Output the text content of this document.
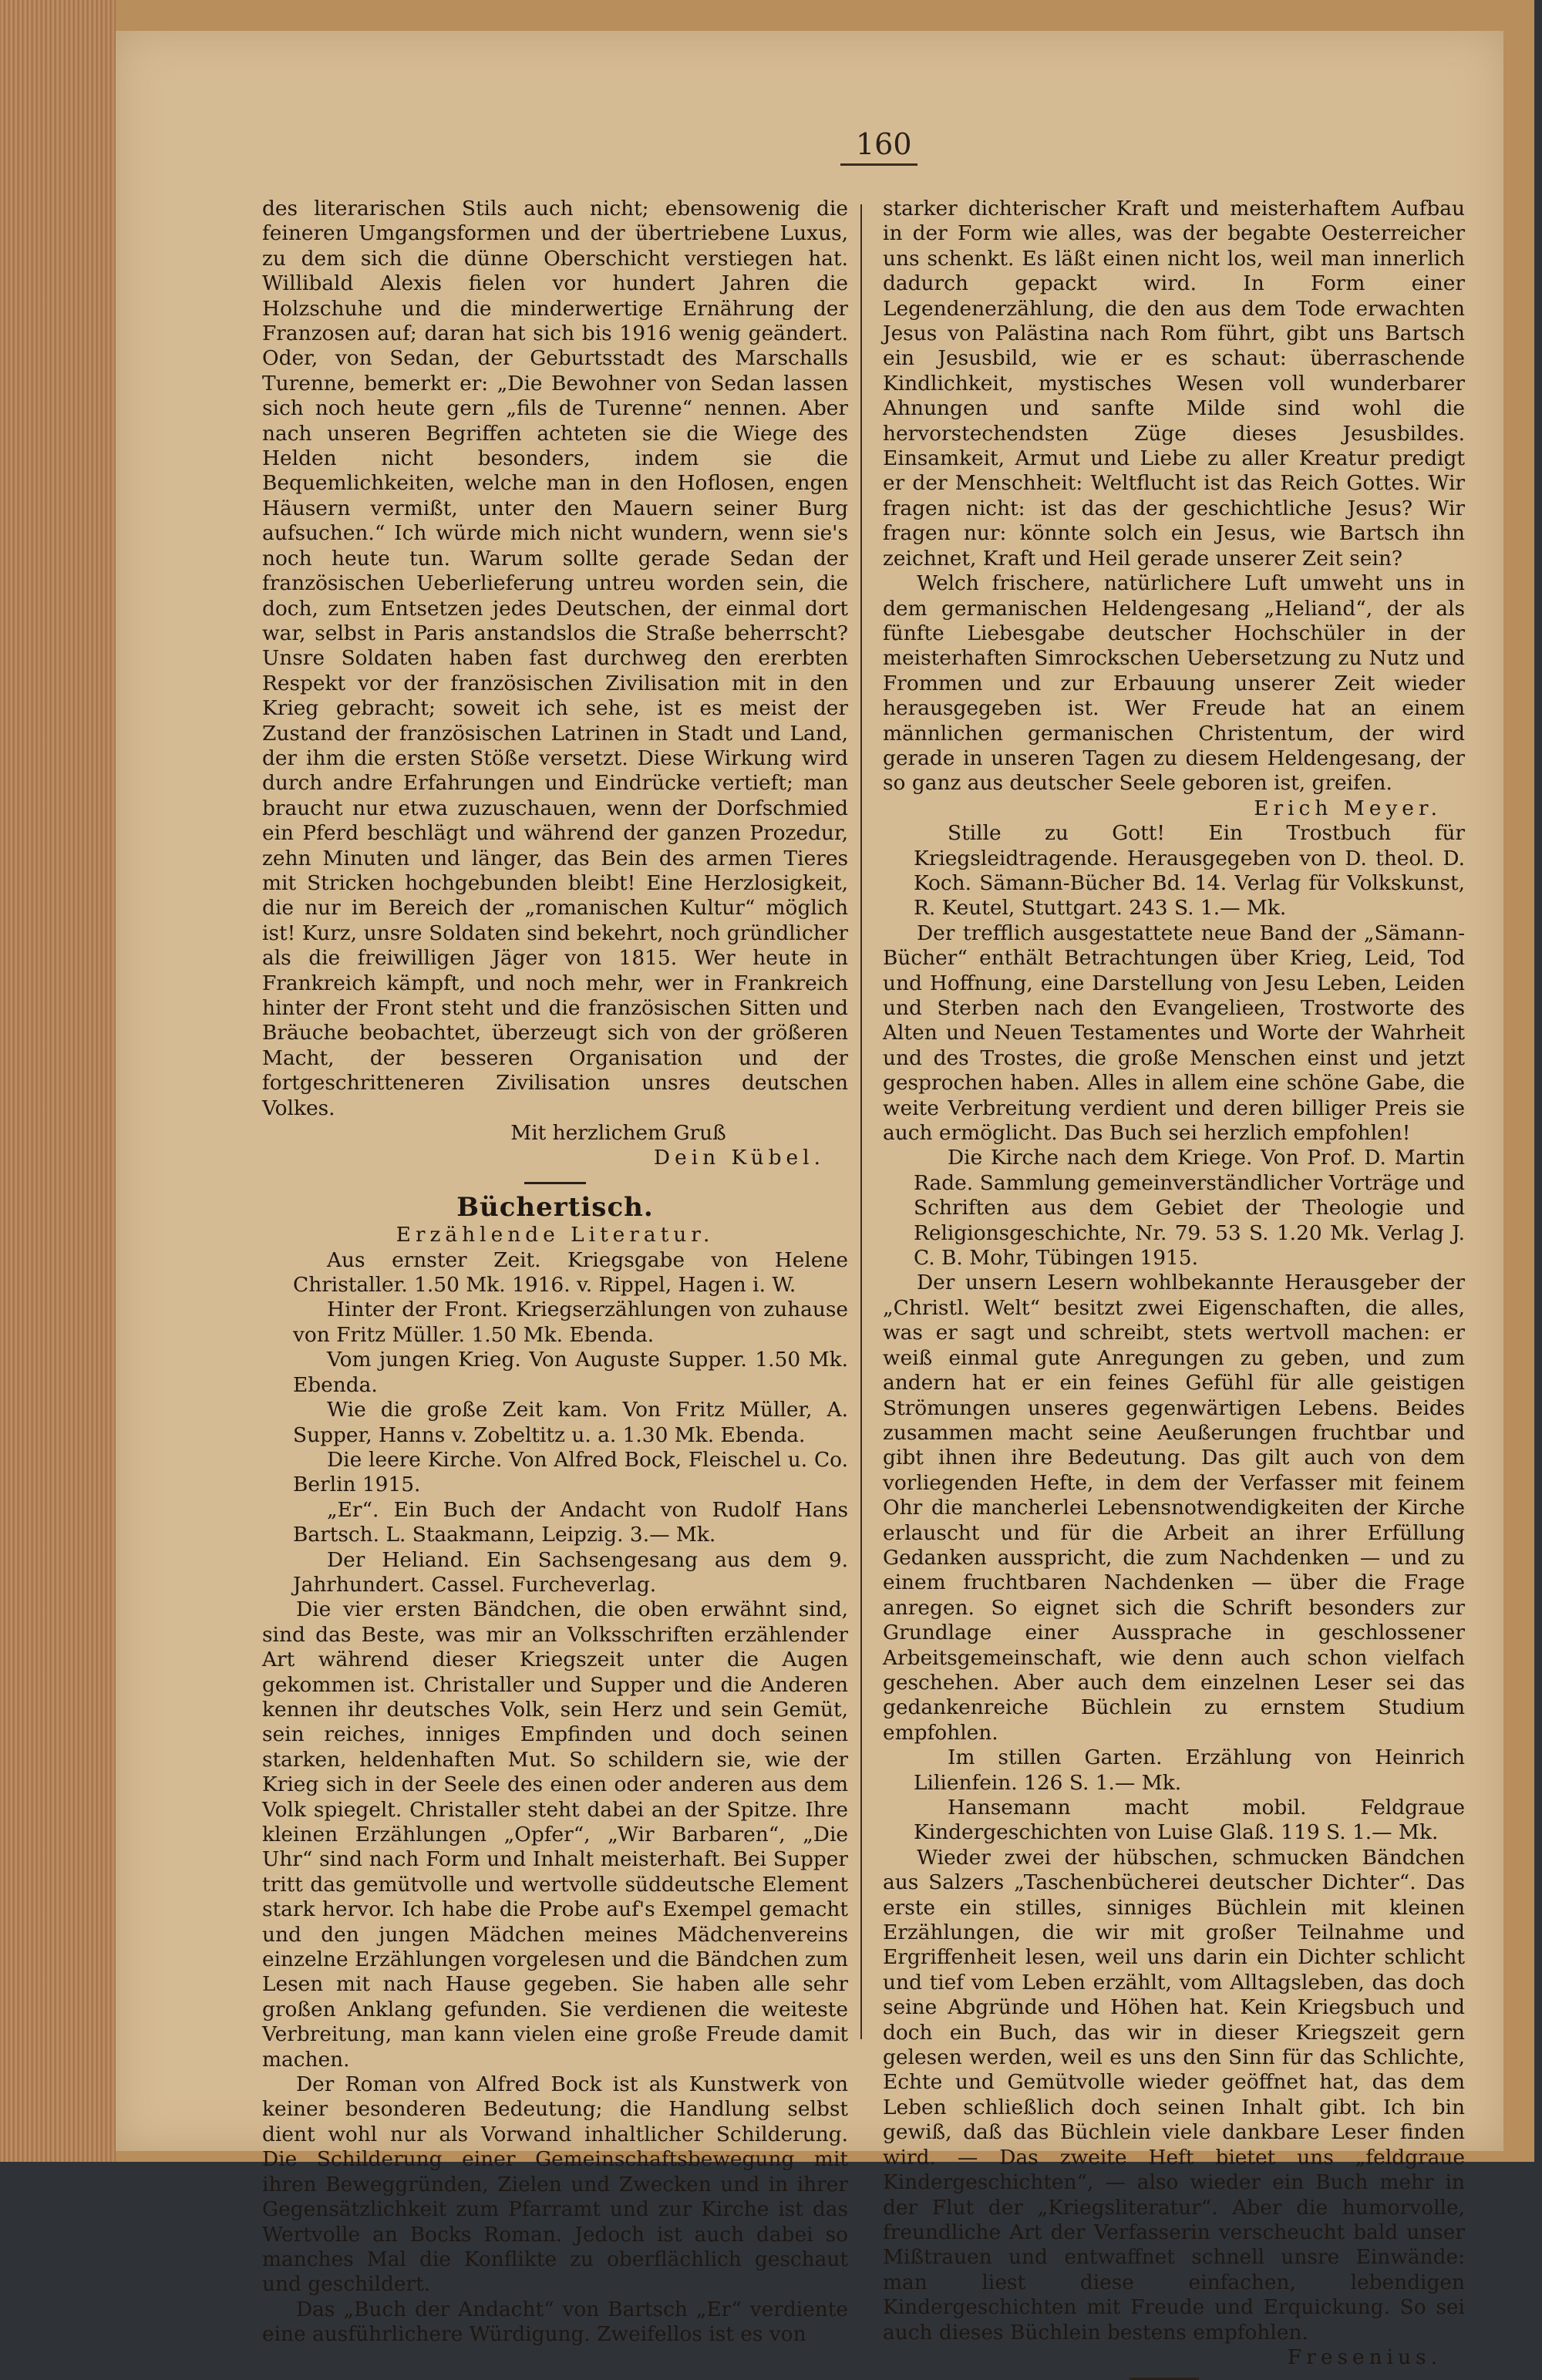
160

des literarischen Stils auch nicht; ebensowenig die feineren Umgangsformen und der übertriebene Luxus, zu dem sich die dünne Oberschicht verstiegen hat. Willibald Alexis fielen vor hundert Jahren die Holzschuhe und die minderwertige Ernährung der Franzosen auf; daran hat sich bis 1916 wenig geändert. Oder, von Sedan, der Geburtsstadt des Marschalls Turenne, bemerkt er: „Die Bewohner von Sedan lassen sich noch heute gern „fils de Turenne“ nennen. Aber nach unseren Begriffen achteten sie die Wiege des Helden nicht besonders, indem sie die Bequemlichkeiten, welche man in den Hoflosen, engen Häusern vermißt, unter den Mauern seiner Burg aufsuchen.“ Ich würde mich nicht wundern, wenn sie's noch heute tun. Warum sollte gerade Sedan der französischen Ueberlieferung untreu worden sein, die doch, zum Entsetzen jedes Deutschen, der einmal dort war, selbst in Paris anstandslos die Straße beherrscht? Unsre Soldaten haben fast durchweg den ererbten Respekt vor der französischen Zivilisation mit in den Krieg gebracht; soweit ich sehe, ist es meist der Zustand der französischen Latrinen in Stadt und Land, der ihm die ersten Stöße versetzt. Diese Wirkung wird durch andre Erfahrungen und Eindrücke vertieft; man braucht nur etwa zuzuschauen, wenn der Dorfschmied ein Pferd beschlägt und während der ganzen Prozedur, zehn Minuten und länger, das Bein des armen Tieres mit Stricken hochgebunden bleibt! Eine Herzlosigkeit, die nur im Bereich der „romanischen Kultur“ möglich ist! Kurz, unsre Soldaten sind bekehrt, noch gründlicher als die freiwilligen Jäger von 1815. Wer heute in Frankreich kämpft, und noch mehr, wer in Frankreich hinter der Front steht und die französischen Sitten und Bräuche beobachtet, überzeugt sich von der größeren Macht, der besseren Organisation und der fortgeschritteneren Zivilisation unsres deutschen Volkes.

Mit herzlichem Gruß

Dein Kübel.

Büchertisch.

Erzählende Literatur.

Aus ernster Zeit. Kriegsgabe von Helene Christaller. 1.50 Mk. 1916. v. Rippel, Hagen i. W.

Hinter der Front. Kriegserzählungen von zuhause von Fritz Müller. 1.50 Mk. Ebenda.

Vom jungen Krieg. Von Auguste Supper. 1.50 Mk. Ebenda.

Wie die große Zeit kam. Von Fritz Müller, A. Supper, Hanns v. Zobeltitz u. a. 1.30 Mk. Ebenda.

Die leere Kirche. Von Alfred Bock, Fleischel u. Co. Berlin 1915.

„Er“. Ein Buch der Andacht von Rudolf Hans Bartsch. L. Staakmann, Leipzig. 3.— Mk.

Der Heliand. Ein Sachsengesang aus dem 9. Jahrhundert. Cassel. Furcheverlag.

Die vier ersten Bändchen, die oben erwähnt sind, sind das Beste, was mir an Volksschriften erzählender Art während dieser Kriegszeit unter die Augen gekommen ist. Christaller und Supper und die Anderen kennen ihr deutsches Volk, sein Herz und sein Gemüt, sein reiches, inniges Empfinden und doch seinen starken, heldenhaften Mut. So schildern sie, wie der Krieg sich in der Seele des einen oder anderen aus dem Volk spiegelt. Christaller steht dabei an der Spitze. Ihre kleinen Erzählungen „Opfer“, „Wir Barbaren“, „Die Uhr“ sind nach Form und Inhalt meisterhaft. Bei Supper tritt das gemütvolle und wertvolle süddeutsche Element stark hervor. Ich habe die Probe auf's Exempel gemacht und den jungen Mädchen meines Mädchenvereins einzelne Erzählungen vorgelesen und die Bändchen zum Lesen mit nach Hause gegeben. Sie haben alle sehr großen Anklang gefunden. Sie verdienen die weiteste Verbreitung, man kann vielen eine große Freude damit machen.

Der Roman von Alfred Bock ist als Kunstwerk von keiner besonderen Bedeutung; die Handlung selbst dient wohl nur als Vorwand inhaltlicher Schilderung. Die Schilderung einer Gemeinschaftsbewegung mit ihren Beweggründen, Zielen und Zwecken und in ihrer Gegensätzlichkeit zum Pfarramt und zur Kirche ist das Wertvolle an Bocks Roman. Jedoch ist auch dabei so manches Mal die Konflikte zu oberflächlich geschaut und geschildert.

Das „Buch der Andacht“ von Bartsch „Er“ verdiente eine ausführlichere Würdigung. Zweifellos ist es von

starker dichterischer Kraft und meisterhaftem Aufbau in der Form wie alles, was der begabte Oesterreicher uns schenkt. Es läßt einen nicht los, weil man innerlich dadurch gepackt wird. In Form einer Legendenerzählung, die den aus dem Tode erwachten Jesus von Palästina nach Rom führt, gibt uns Bartsch ein Jesusbild, wie er es schaut: überraschende Kindlichkeit, mystisches Wesen voll wunderbarer Ahnungen und sanfte Milde sind wohl die hervorstechendsten Züge dieses Jesusbildes. Einsamkeit, Armut und Liebe zu aller Kreatur predigt er der Menschheit: Weltflucht ist das Reich Gottes. Wir fragen nicht: ist das der geschichtliche Jesus? Wir fragen nur: könnte solch ein Jesus, wie Bartsch ihn zeichnet, Kraft und Heil gerade unserer Zeit sein?

Welch frischere, natürlichere Luft umweht uns in dem germanischen Heldengesang „Heliand“, der als fünfte Liebesgabe deutscher Hochschüler in der meisterhaften Simrockschen Uebersetzung zu Nutz und Frommen und zur Erbauung unserer Zeit wieder herausgegeben ist. Wer Freude hat an einem männlichen germanischen Christentum, der wird gerade in unseren Tagen zu diesem Heldengesang, der so ganz aus deutscher Seele geboren ist, greifen.

Erich Meyer.

Stille zu Gott! Ein Trostbuch für Kriegsleidtragende. Herausgegeben von D. theol. D. Koch. Sämann-Bücher Bd. 14. Verlag für Volkskunst, R. Keutel, Stuttgart. 243 S. 1.— Mk.

Der trefflich ausgestattete neue Band der „Sämann-Bücher“ enthält Betrachtungen über Krieg, Leid, Tod und Hoffnung, eine Darstellung von Jesu Leben, Leiden und Sterben nach den Evangelieen, Trostworte des Alten und Neuen Testamentes und Worte der Wahrheit und des Trostes, die große Menschen einst und jetzt gesprochen haben. Alles in allem eine schöne Gabe, die weite Verbreitung verdient und deren billiger Preis sie auch ermöglicht. Das Buch sei herzlich empfohlen!

Die Kirche nach dem Kriege. Von Prof. D. Martin Rade. Sammlung gemeinverständlicher Vorträge und Schriften aus dem Gebiet der Theologie und Religionsgeschichte, Nr. 79. 53 S. 1.20 Mk. Verlag J. C. B. Mohr, Tübingen 1915.

Der unsern Lesern wohlbekannte Herausgeber der „Christl. Welt“ besitzt zwei Eigenschaften, die alles, was er sagt und schreibt, stets wertvoll machen: er weiß einmal gute Anregungen zu geben, und zum andern hat er ein feines Gefühl für alle geistigen Strömungen unseres gegenwärtigen Lebens. Beides zusammen macht seine Aeußerungen fruchtbar und gibt ihnen ihre Bedeutung. Das gilt auch von dem vorliegenden Hefte, in dem der Verfasser mit feinem Ohr die mancherlei Lebensnotwendigkeiten der Kirche erlauscht und für die Arbeit an ihrer Erfüllung Gedanken ausspricht, die zum Nachdenken — und zu einem fruchtbaren Nachdenken — über die Frage anregen. So eignet sich die Schrift besonders zur Grundlage einer Aussprache in geschlossener Arbeitsgemeinschaft, wie denn auch schon vielfach geschehen. Aber auch dem einzelnen Leser sei das gedankenreiche Büchlein zu ernstem Studium empfohlen.

Im stillen Garten. Erzählung von Heinrich Lilienfein. 126 S. 1.— Mk.

Hansemann macht mobil. Feldgraue Kindergeschichten von Luise Glaß. 119 S. 1.— Mk.

Wieder zwei der hübschen, schmucken Bändchen aus Salzers „Taschenbücherei deutscher Dichter“. Das erste ein stilles, sinniges Büchlein mit kleinen Erzählungen, die wir mit großer Teilnahme und Ergriffenheit lesen, weil uns darin ein Dichter schlicht und tief vom Leben erzählt, vom Alltagsleben, das doch seine Abgründe und Höhen hat. Kein Kriegsbuch und doch ein Buch, das wir in dieser Kriegszeit gern gelesen werden, weil es uns den Sinn für das Schlichte, Echte und Gemütvolle wieder geöffnet hat, das dem Leben schließlich doch seinen Inhalt gibt. Ich bin gewiß, daß das Büchlein viele dankbare Leser finden wird. — Das zweite Heft bietet uns „feldgraue Kindergeschichten“, — also wieder ein Buch mehr in der Flut der „Kriegsliteratur“. Aber die humorvolle, freundliche Art der Verfasserin verscheucht bald unser Mißtrauen und entwaffnet schnell unsre Einwände: man liest diese einfachen, lebendigen Kindergeschichten mit Freude und Erquickung. So sei auch dieses Büchlein bestens empfohlen.

Fresenius.
